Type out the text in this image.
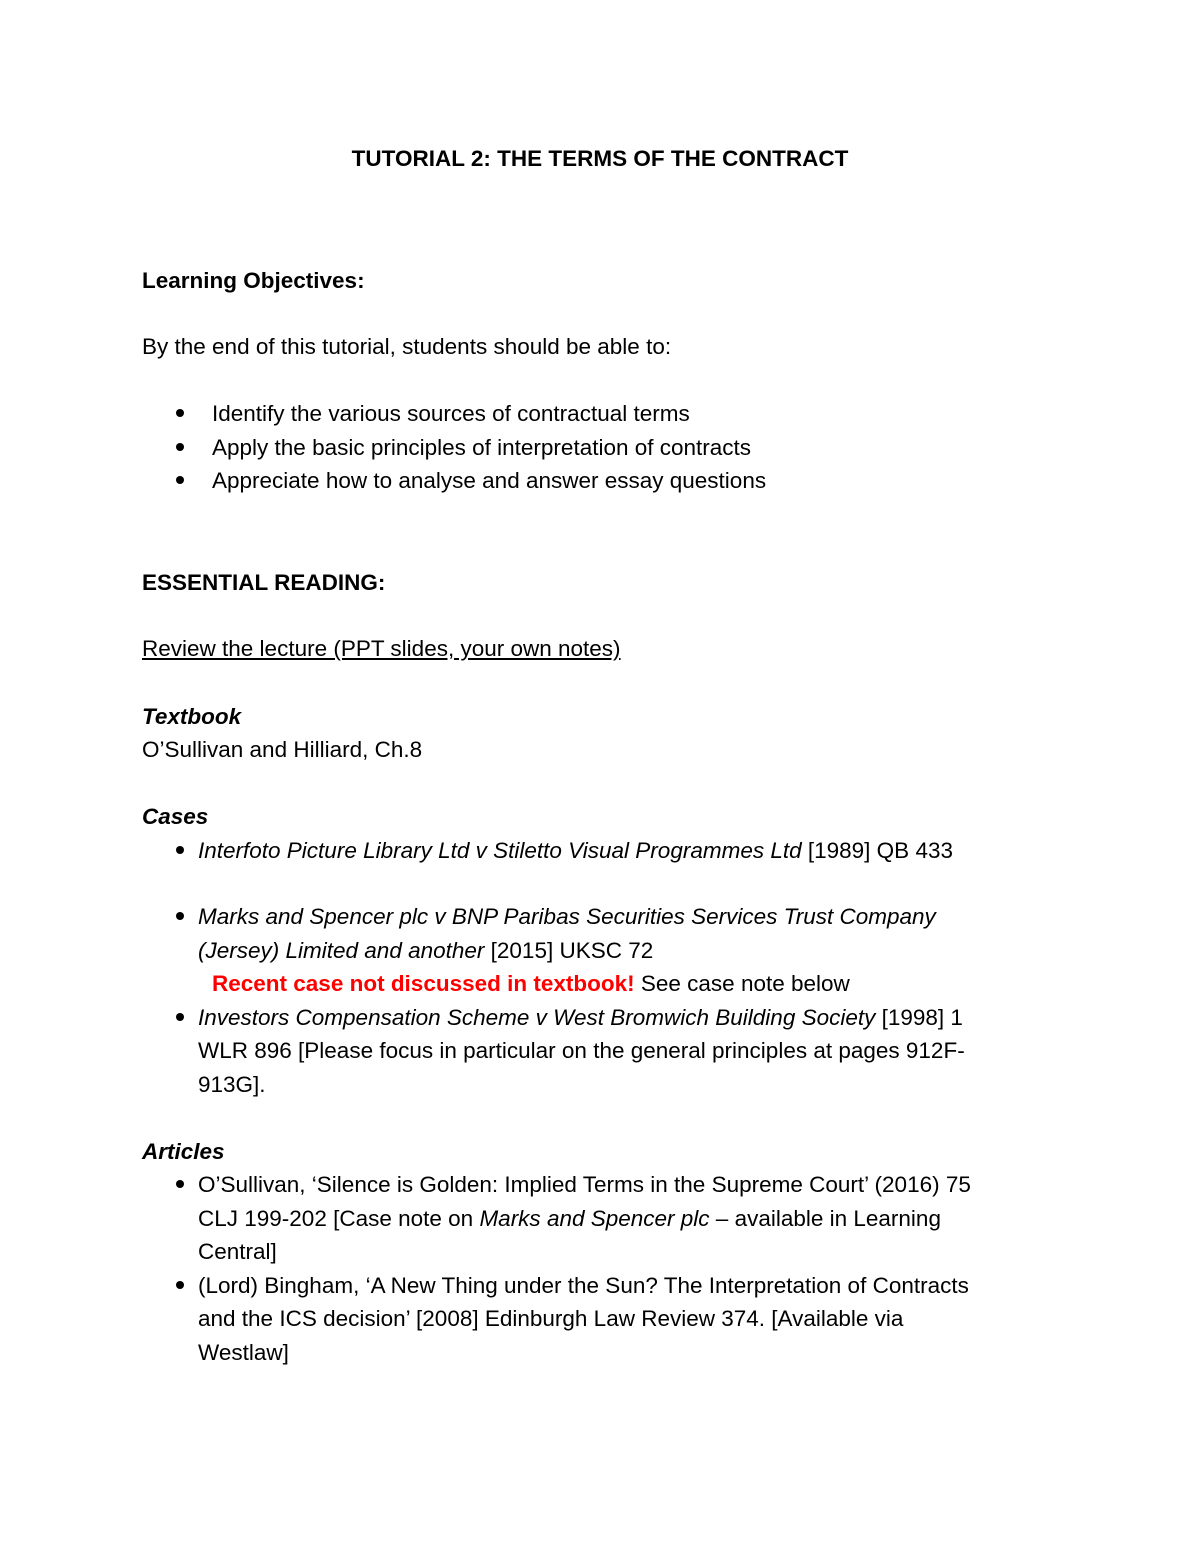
TUTORIAL 2: THE TERMS OF THE CONTRACT
Learning Objectives:
By the end of this tutorial, students should be able to:
Identify the various sources of contractual terms
Apply the basic principles of interpretation of contracts
Appreciate how to analyse and answer essay questions
ESSENTIAL READING:
Review the lecture (PPT slides, your own notes)
Textbook
O’Sullivan and Hilliard, Ch.8
Cases
Interfoto Picture Library Ltd v Stiletto Visual Programmes Ltd [1989] QB 433
Marks and Spencer plc v BNP Paribas Securities Services Trust Company
(Jersey) Limited and another [2015] UKSC 72
Recent case not discussed in textbook! See case note below
Investors Compensation Scheme v West Bromwich Building Society [1998] 1
WLR 896 [Please focus in particular on the general principles at pages 912F-
913G].
Articles
O’Sullivan, ‘Silence is Golden: Implied Terms in the Supreme Court’ (2016) 75
CLJ 199-202 [Case note on Marks and Spencer plc – available in Learning
Central]
(Lord) Bingham, ‘A New Thing under the Sun? The Interpretation of Contracts
and the ICS decision’ [2008] Edinburgh Law Review 374. [Available via
Westlaw]
